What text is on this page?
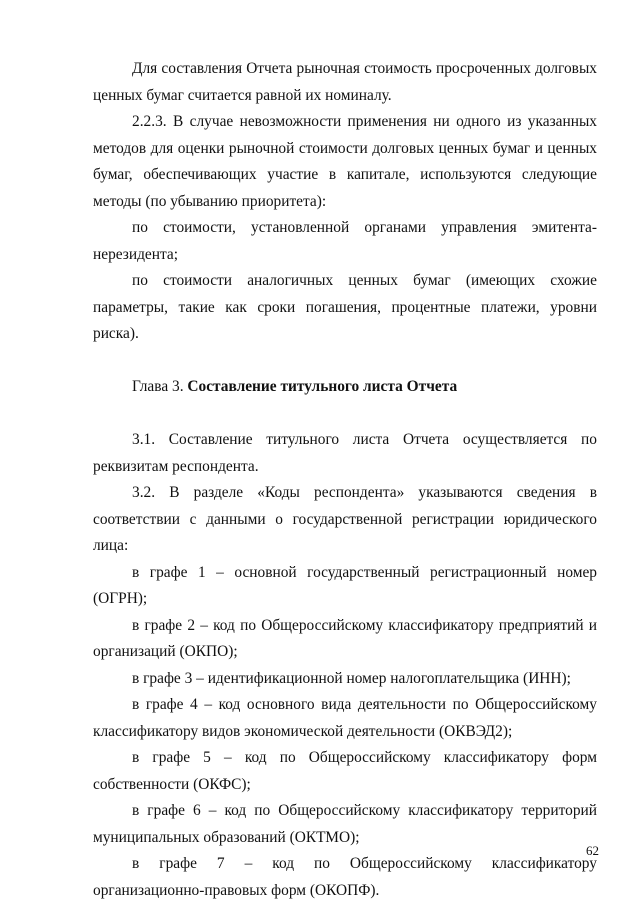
Для составления Отчета рыночная стоимость просроченных долговых ценных бумаг считается равной их номиналу.

2.2.3. В случае невозможности применения ни одного из указанных методов для оценки рыночной стоимости долговых ценных бумаг и ценных бумаг, обеспечивающих участие в капитале, используются следующие методы (по убыванию приоритета):

по стоимости, установленной органами управления эмитента-нерезидента;

по стоимости аналогичных ценных бумаг (имеющих схожие параметры, такие как сроки погашения, процентные платежи, уровни риска).

Глава 3. Составление титульного листа Отчета

3.1. Составление титульного листа Отчета осуществляется по реквизитам респондента.

3.2. В разделе «Коды респондента» указываются сведения в соответствии с данными о государственной регистрации юридического лица:

в графе 1 – основной государственный регистрационный номер (ОГРН);

в графе 2 – код по Общероссийскому классификатору предприятий и организаций (ОКПО);

в графе 3 – идентификационной номер налогоплательщика (ИНН);

в графе 4 – код основного вида деятельности по Общероссийскому классификатору видов экономической деятельности (ОКВЭД2);

в графе 5 – код по Общероссийскому классификатору форм собственности (ОКФС);

в графе 6 – код по Общероссийскому классификатору территорий муниципальных образований (ОКТМО);

в графе 7 – код по Общероссийскому классификатору организационно-правовых форм (ОКОПФ).

62
